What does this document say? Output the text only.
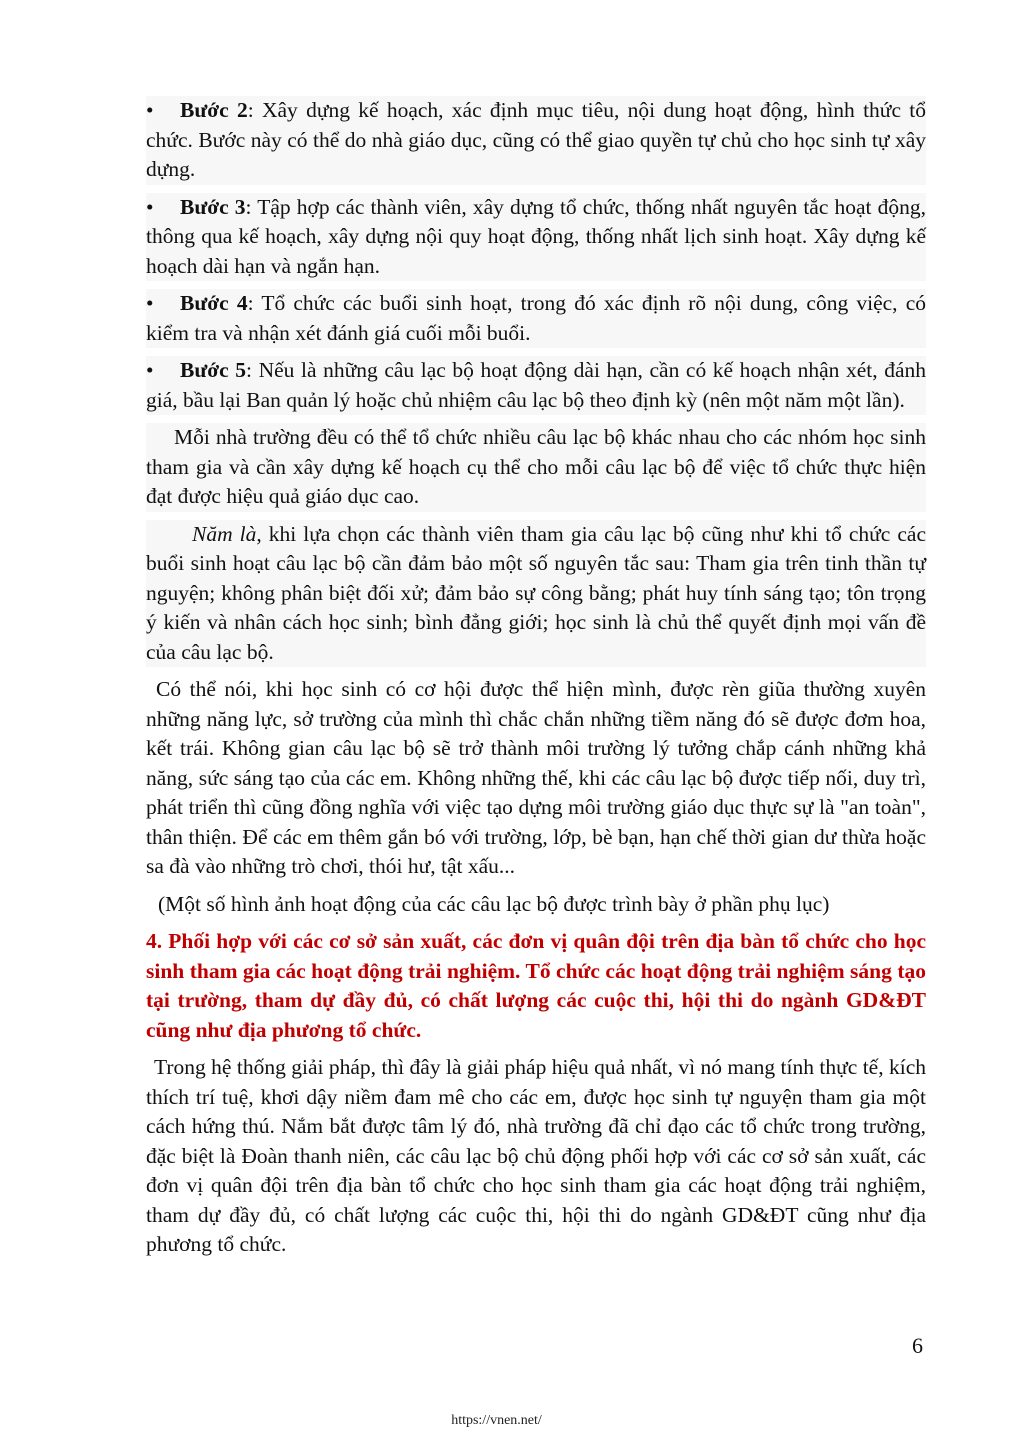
• Bước 2: Xây dựng kế hoạch, xác định mục tiêu, nội dung hoạt động, hình thức tổ chức. Bước này có thể do nhà giáo dục, cũng có thể giao quyền tự chủ cho học sinh tự xây dựng.
• Bước 3: Tập hợp các thành viên, xây dựng tổ chức, thống nhất nguyên tắc hoạt động, thông qua kế hoạch, xây dựng nội quy hoạt động, thống nhất lịch sinh hoạt. Xây dựng kế hoạch dài hạn và ngắn hạn.
• Bước 4: Tổ chức các buổi sinh hoạt, trong đó xác định rõ nội dung, công việc, có kiểm tra và nhận xét đánh giá cuối mỗi buổi.
• Bước 5: Nếu là những câu lạc bộ hoạt động dài hạn, cần có kế hoạch nhận xét, đánh giá, bầu lại Ban quản lý hoặc chủ nhiệm câu lạc bộ theo định kỳ (nên một năm một lần).
Mỗi nhà trường đều có thể tổ chức nhiều câu lạc bộ khác nhau cho các nhóm học sinh tham gia và cần xây dựng kế hoạch cụ thể cho mỗi câu lạc bộ để việc tổ chức thực hiện đạt được hiệu quả giáo dục cao.
Năm là, khi lựa chọn các thành viên tham gia câu lạc bộ cũng như khi tổ chức các buổi sinh hoạt câu lạc bộ cần đảm bảo một số nguyên tắc sau: Tham gia trên tinh thần tự nguyện; không phân biệt đối xử; đảm bảo sự công bằng; phát huy tính sáng tạo; tôn trọng ý kiến và nhân cách học sinh; bình đẳng giới; học sinh là chủ thể quyết định mọi vấn đề của câu lạc bộ.
Có thể nói, khi học sinh có cơ hội được thể hiện mình, được rèn giũa thường xuyên những năng lực, sở trường của mình thì chắc chắn những tiềm năng đó sẽ được đơm hoa, kết trái. Không gian câu lạc bộ sẽ trở thành môi trường lý tưởng chắp cánh những khả năng, sức sáng tạo của các em. Không những thế, khi các câu lạc bộ được tiếp nối, duy trì, phát triển thì cũng đồng nghĩa với việc tạo dựng môi trường giáo dục thực sự là "an toàn", thân thiện. Để các em thêm gắn bó với trường, lớp, bè bạn, hạn chế thời gian dư thừa hoặc sa đà vào những trò chơi, thói hư, tật xấu...
(Một số hình ảnh hoạt động của các câu lạc bộ được trình bày ở phần phụ lục)
4. Phối hợp với các cơ sở sản xuất, các đơn vị quân đội trên địa bàn tổ chức cho học sinh tham gia các hoạt động trải nghiệm. Tổ chức các hoạt động trải nghiệm sáng tạo tại trường, tham dự đầy đủ, có chất lượng các cuộc thi, hội thi do ngành GD&ĐT cũng như địa phương tổ chức.
Trong hệ thống giải pháp, thì đây là giải pháp hiệu quả nhất, vì nó mang tính thực tế, kích thích trí tuệ, khơi dậy niềm đam mê cho các em, được học sinh tự nguyện tham gia một cách hứng thú. Nắm bắt được tâm lý đó, nhà trường đã chỉ đạo các tổ chức trong trường, đặc biệt là Đoàn thanh niên, các câu lạc bộ chủ động phối hợp với các cơ sở sản xuất, các đơn vị quân đội trên địa bàn tổ chức cho học sinh tham gia các hoạt động trải nghiệm, tham dự đầy đủ, có chất lượng các cuộc thi, hội thi do ngành GD&ĐT cũng như địa phương tổ chức.
6
https://vnen.net/
